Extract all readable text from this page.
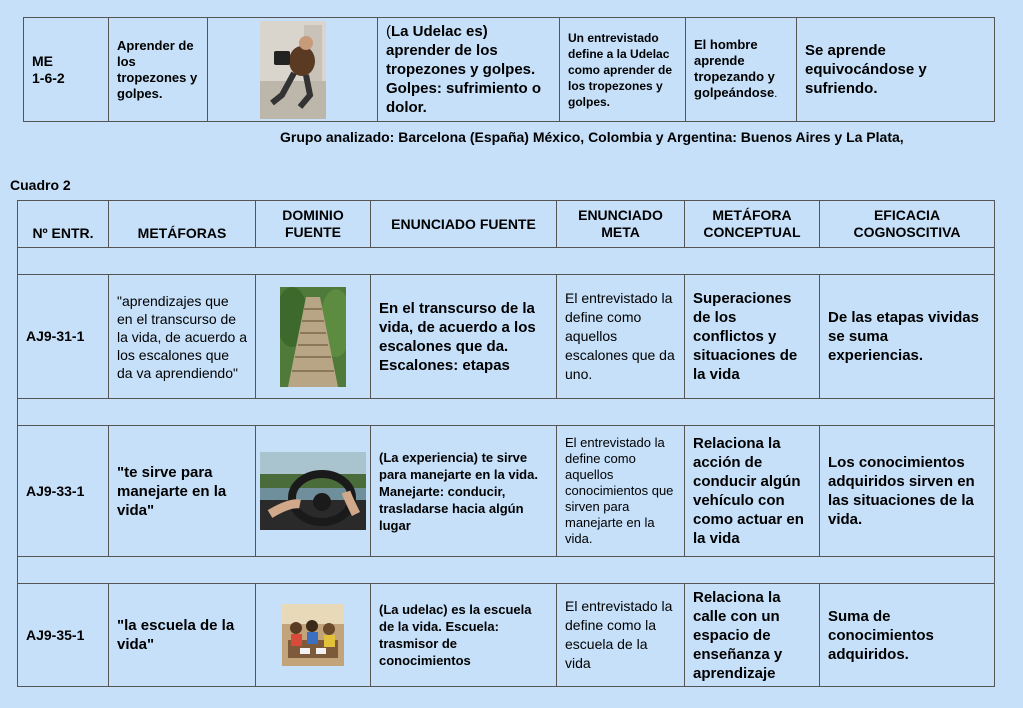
ME
1-6-2	Aprender de los tropezones y golpes.		(La Udelac es) aprender de los tropezones y golpes. Golpes: sufrimiento o dolor.	Un entrevistado define a la Udelac como aprender de los tropezones y golpes.	El hombre aprende tropezando y golpeándose.	Se aprende equivocándose y sufriendo.
Grupo analizado: Barcelona (España) México, Colombia y Argentina: Buenos Aires y La Plata,
Cuadro 2
Nº ENTR.	METÁFORAS	DOMINIO FUENTE	ENUNCIADO FUENTE	ENUNCIADO META	METÁFORA CONCEPTUAL	EFICACIA COGNOSCITIVA

AJ9-31-1	"aprendizajes que en el transcurso de la vida, de acuerdo a los escalones que da va aprendiendo"		En el transcurso de la vida, de acuerdo a los escalones que da. Escalones: etapas	El entrevistado la define como aquellos escalones que da uno.	Superaciones de los conflictos y situaciones de la vida	De las etapas vividas se suma experiencias.

AJ9-33-1	"te sirve para manejarte en la vida"		(La experiencia) te sirve para manejarte en la vida. Manejarte: conducir, trasladarse hacia algún lugar	El entrevistado la define como aquellos conocimientos que sirven para manejarte en la vida.	Relaciona la acción de conducir algún vehículo con como actuar en la vida	Los conocimientos adquiridos sirven en las situaciones de la vida.

AJ9-35-1	"la escuela de la vida"		(La udelac) es la escuela de la vida. Escuela: trasmisor de conocimientos	El entrevistado la define como la escuela de la vida	Relaciona la calle con un espacio de enseñanza y aprendizaje	Suma de conocimientos adquiridos.
